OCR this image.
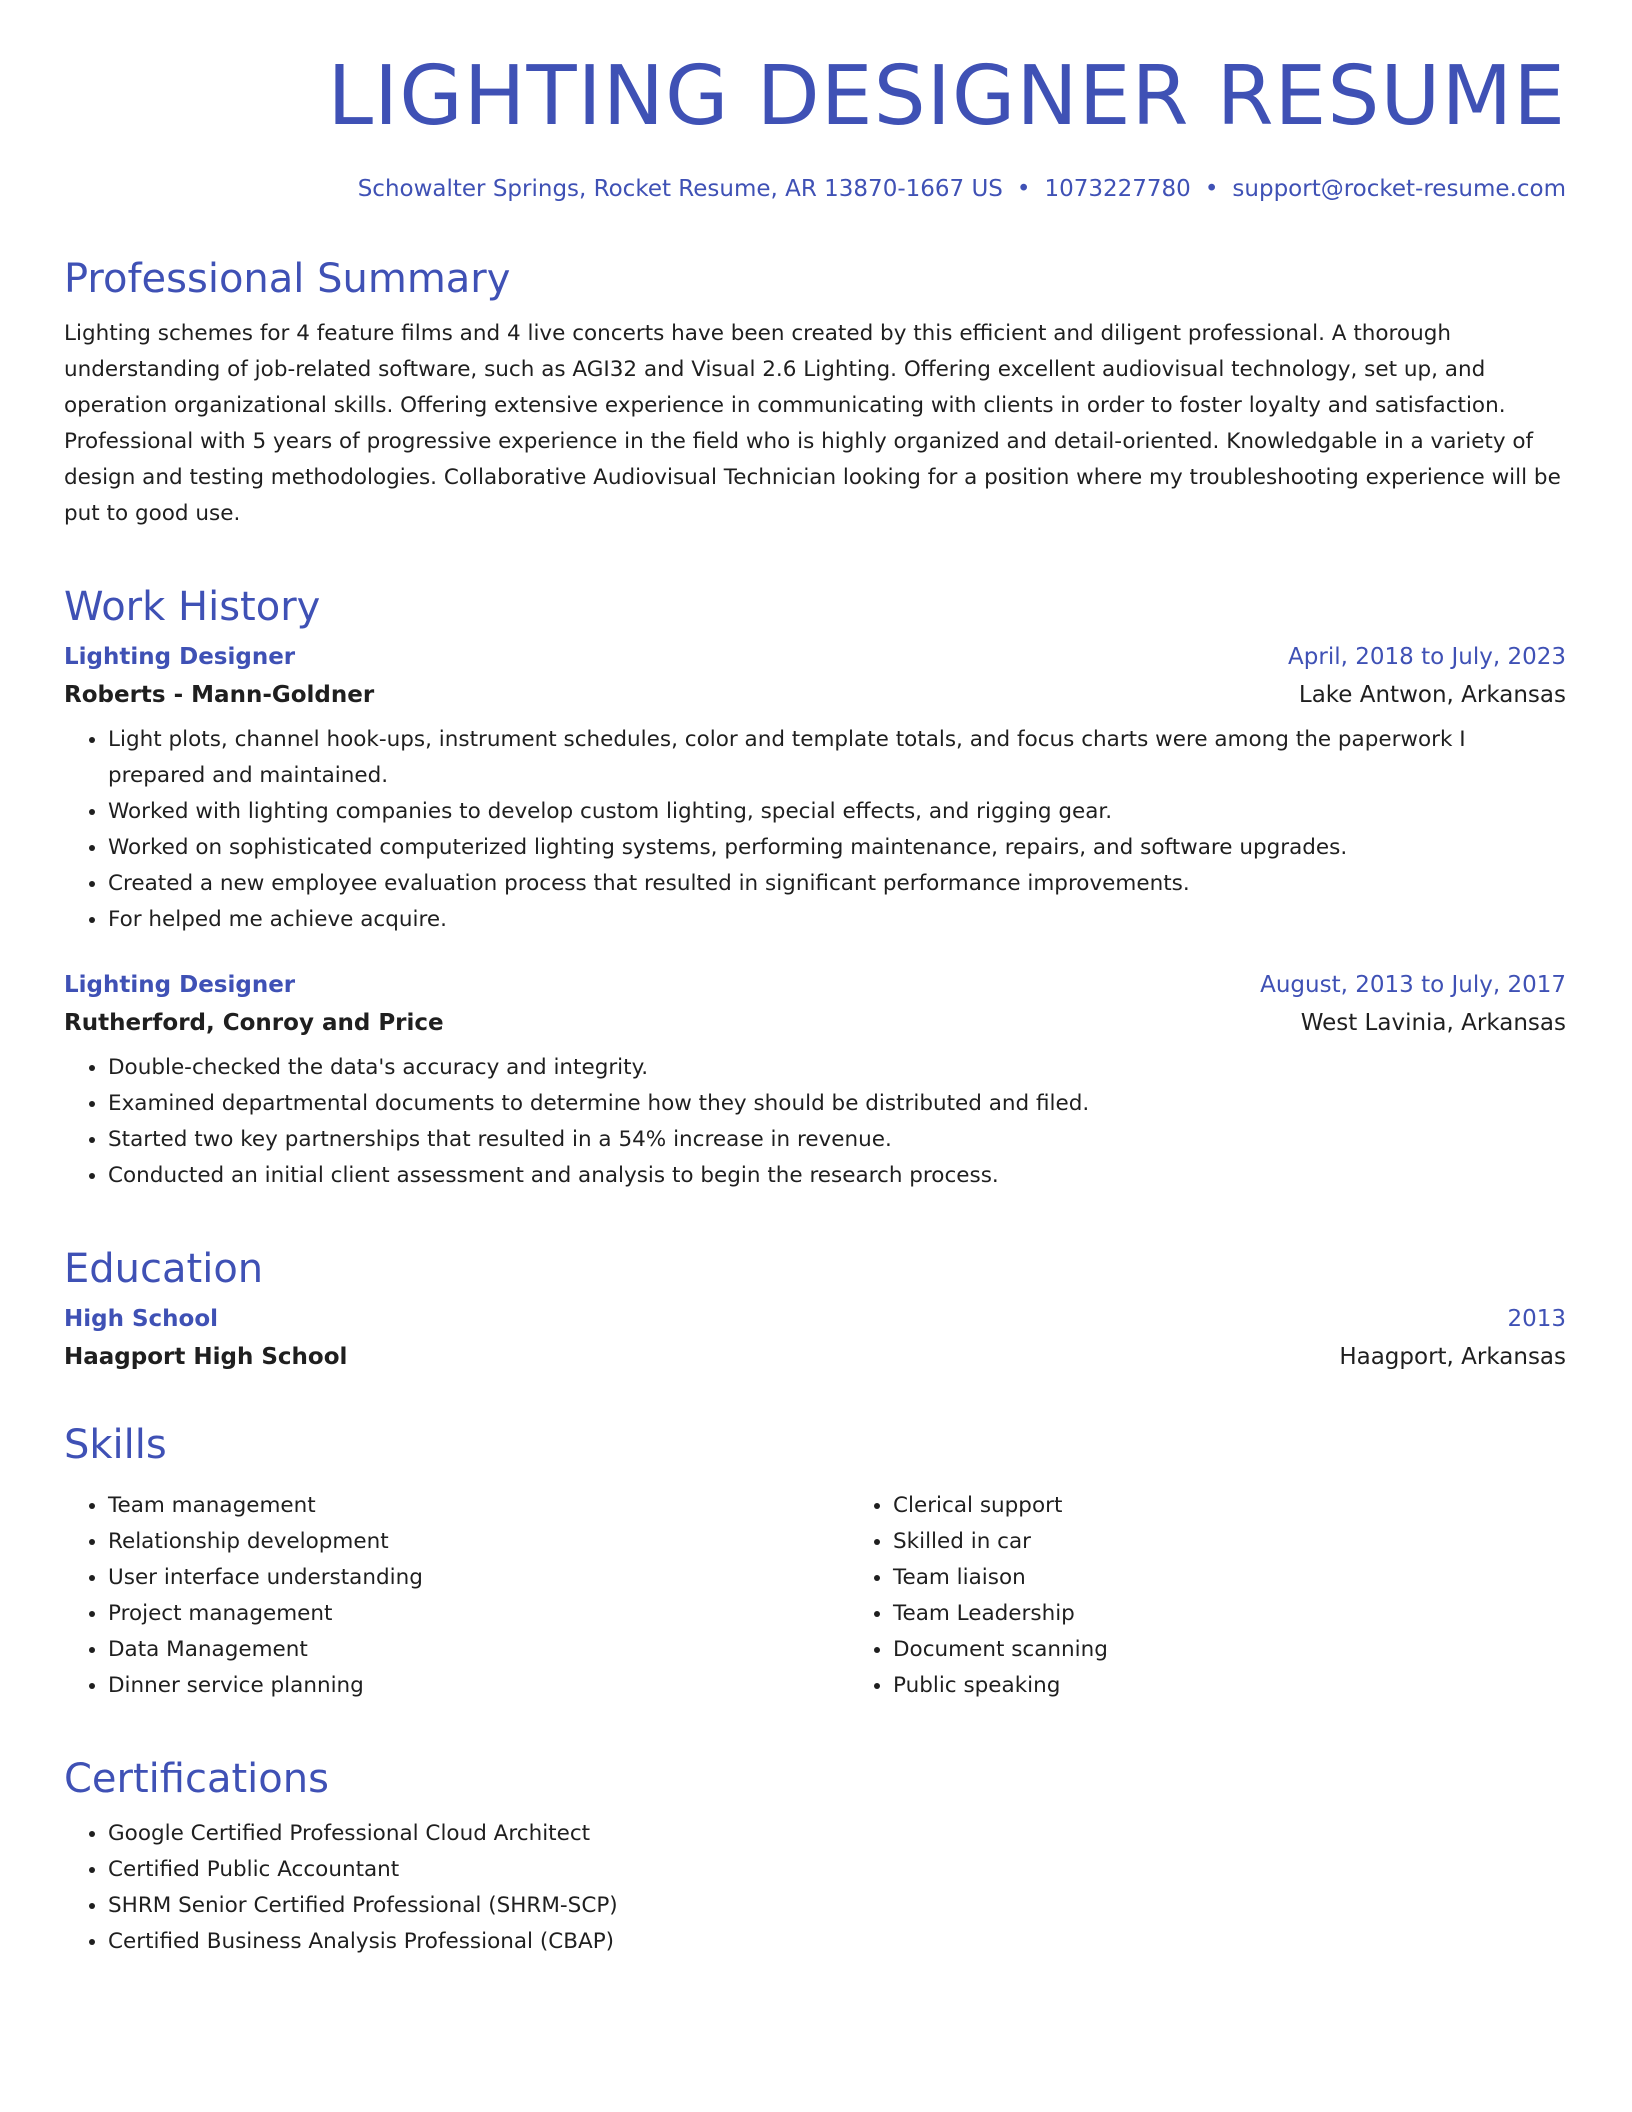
LIGHTING DESIGNER RESUME
Schowalter Springs, Rocket Resume, AR 13870-1667 US • 1073227780 • support@rocket-resume.com
Professional Summary

Lighting schemes for 4 feature films and 4 live concerts have been created by this efficient and diligent professional. A thorough understanding of job-related software, such as AGI32 and Visual 2.6 Lighting. Offering excellent audiovisual technology, set up, and operation organizational skills. Offering extensive experience in communicating with clients in order to foster loyalty and satisfaction. Professional with 5 years of progressive experience in the field who is highly organized and detail-oriented. Knowledgable in a variety of design and testing methodologies. Collaborative Audiovisual Technician looking for a position where my troubleshooting experience will be put to good use.

Work History
Lighting Designer	April, 2018 to July, 2023
Roberts - Mann-Goldner	Lake Antwon, Arkansas
• Light plots, channel hook-ups, instrument schedules, color and template totals, and focus charts were among the paperwork I prepared and maintained.
• Worked with lighting companies to develop custom lighting, special effects, and rigging gear.
• Worked on sophisticated computerized lighting systems, performing maintenance, repairs, and software upgrades.
• Created a new employee evaluation process that resulted in significant performance improvements.
• For helped me achieve acquire.
Lighting Designer	August, 2013 to July, 2017
Rutherford, Conroy and Price	West Lavinia, Arkansas
• Double-checked the data's accuracy and integrity.
• Examined departmental documents to determine how they should be distributed and filed.
• Started two key partnerships that resulted in a 54% increase in revenue.
• Conducted an initial client assessment and analysis to begin the research process.
Education
High School	2013
Haagport High School	Haagport, Arkansas
Skills
• Team management
• Relationship development
• User interface understanding
• Project management
• Data Management
• Dinner service planning
• Clerical support
• Skilled in car
• Team liaison
• Team Leadership
• Document scanning
• Public speaking
Certifications
• Google Certified Professional Cloud Architect
• Certified Public Accountant
• SHRM Senior Certified Professional (SHRM-SCP)
• Certified Business Analysis Professional (CBAP)
